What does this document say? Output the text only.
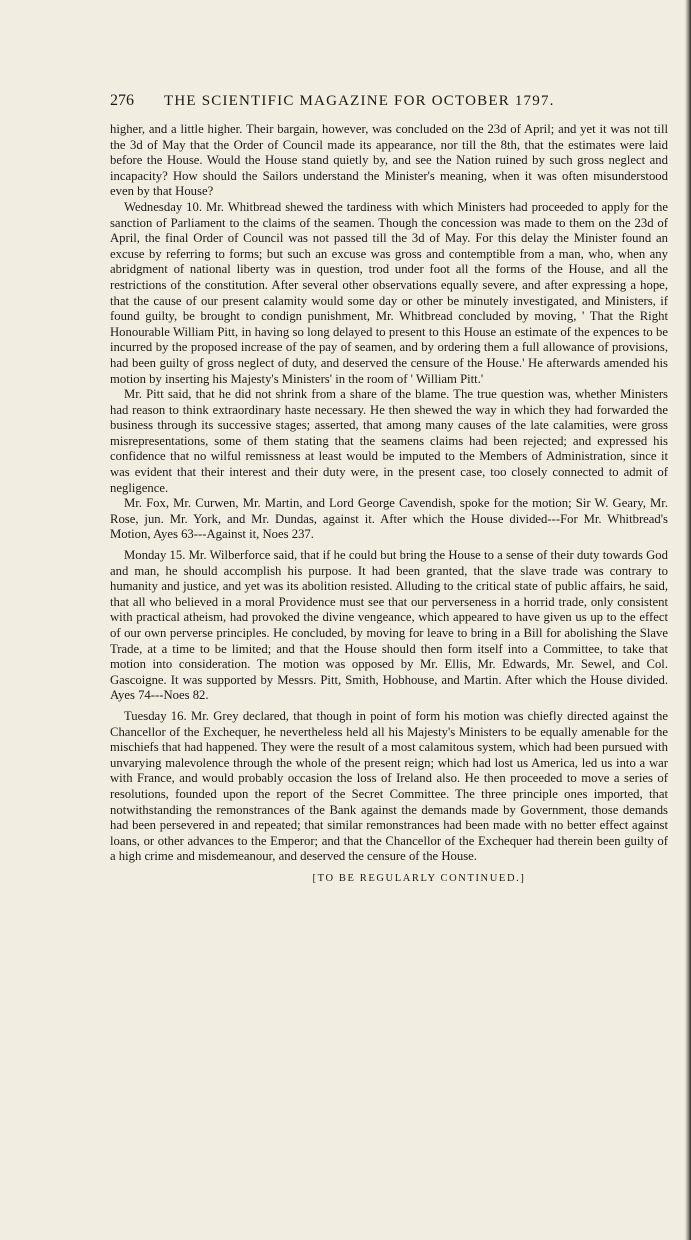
276	THE SCIENTIFIC MAGAZINE FOR OCTOBER 1797.

higher, and a little higher. Their bargain, however, was concluded on the 23d of April; and yet it was not till the 3d of May that the Order of Council made its appearance, nor till the 8th, that the estimates were laid before the House. Would the House stand quietly by, and see the Nation ruined by such gross neglect and incapacity? How should the Sailors understand the Minister's meaning, when it was often misunderstood even by that House?

Wednesday 10. Mr. Whitbread shewed the tardiness with which Ministers had proceeded to apply for the sanction of Parliament to the claims of the seamen. Though the concession was made to them on the 23d of April, the final Order of Council was not passed till the 3d of May. For this delay the Minister found an excuse by referring to forms; but such an excuse was gross and contemptible from a man, who, when any abridgment of national liberty was in question, trod under foot all the forms of the House, and all the restrictions of the constitution. After several other observations equally severe, and after expressing a hope, that the cause of our present calamity would some day or other be minutely investigated, and Ministers, if found guilty, be brought to condign punishment, Mr. Whitbread concluded by moving, ' That the Right Honourable William Pitt, in having so long delayed to present to this House an estimate of the expences to be incurred by the proposed increase of the pay of seamen, and by ordering them a full allowance of provisions, had been guilty of gross neglect of duty, and deserved the censure of the House.' He afterwards amended his motion by inserting his Majesty's Ministers' in the room of ' William Pitt.'

Mr. Pitt said, that he did not shrink from a share of the blame. The true question was, whether Ministers had reason to think extraordinary haste necessary. He then shewed the way in which they had forwarded the business through its successive stages; asserted, that among many causes of the late calamities, were gross misrepresentations, some of them stating that the seamens claims had been rejected; and expressed his confidence that no wilful remissness at least would be imputed to the Members of Administration, since it was evident that their interest and their duty were, in the present case, too closely connected to admit of negligence.

Mr. Fox, Mr. Curwen, Mr. Martin, and Lord George Cavendish, spoke for the motion; Sir W. Geary, Mr. Rose, jun. Mr. York, and Mr. Dundas, against it. After which the House divided---For Mr. Whitbread's Motion, Ayes 63---Against it, Noes 237.

Monday 15. Mr. Wilberforce said, that if he could but bring the House to a sense of their duty towards God and man, he should accomplish his purpose. It had been granted, that the slave trade was contrary to humanity and justice, and yet was its abolition resisted. Alluding to the critical state of public affairs, he said, that all who believed in a moral Providence must see that our perverseness in a horrid trade, only consistent with practical atheism, had provoked the divine vengeance, which appeared to have given us up to the effect of our own perverse principles. He concluded, by moving for leave to bring in a Bill for abolishing the Slave Trade, at a time to be limited; and that the House should then form itself into a Committee, to take that motion into consideration. The motion was opposed by Mr. Ellis, Mr. Edwards, Mr. Sewel, and Col. Gascoigne. It was supported by Messrs. Pitt, Smith, Hobhouse, and Martin. After which the House divided. Ayes 74---Noes 82.

Tuesday 16. Mr. Grey declared, that though in point of form his motion was chiefly directed against the Chancellor of the Exchequer, he nevertheless held all his Majesty's Ministers to be equally amenable for the mischiefs that had happened. They were the result of a most calamitous system, which had been pursued with unvarying malevolence through the whole of the present reign; which had lost us America, led us into a war with France, and would probably occasion the loss of Ireland also. He then proceeded to move a series of resolutions, founded upon the report of the Secret Committee. The three principle ones imported, that notwithstanding the remonstrances of the Bank against the demands made by Government, those demands had been persevered in and repeated; that similar remonstrances had been made with no better effect against loans, or other advances to the Emperor; and that the Chancellor of the Exchequer had therein been guilty of a high crime and misdemeanour, and deserved the censure of the House.

[TO BE REGULARLY CONTINUED.]
